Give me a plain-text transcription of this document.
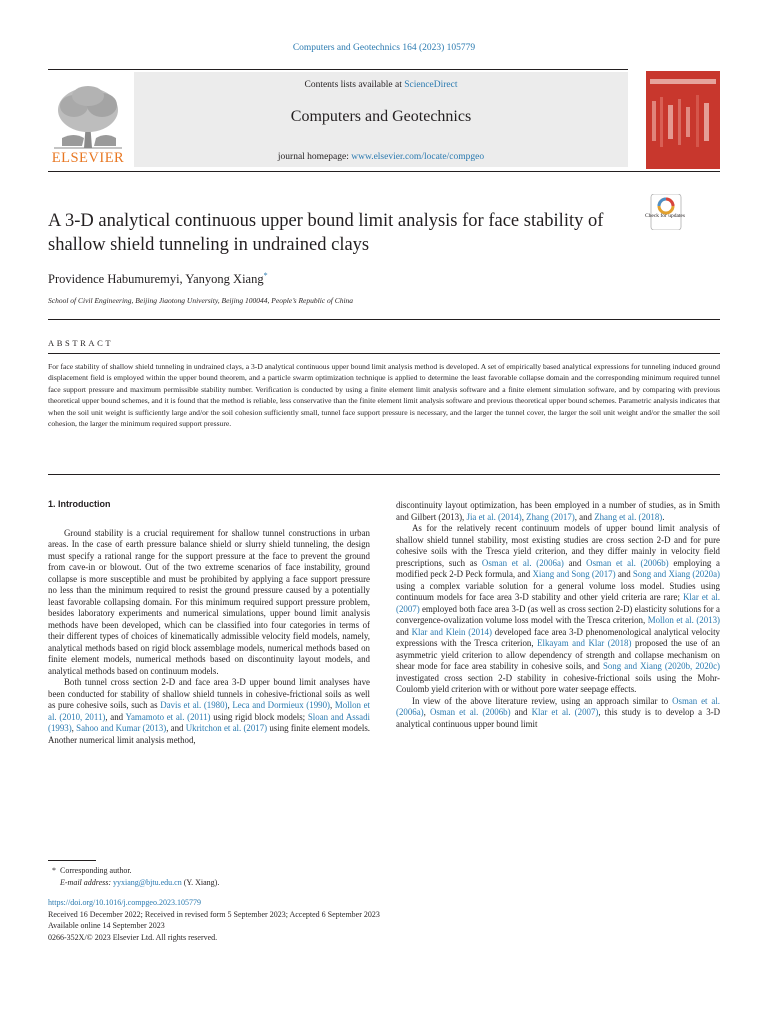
Computers and Geotechnics 164 (2023) 105779
ELSEVIER
Contents lists available at ScienceDirect
Computers and Geotechnics
journal homepage: www.elsevier.com/locate/compgeo
A 3-D analytical continuous upper bound limit analysis for face stability of shallow shield tunneling in undrained clays
Check for updates
Providence Habumuremyi, Yanyong Xiang*
School of Civil Engineering, Beijing Jiaotong University, Beijing 100044, People’s Republic of China
ABSTRACT
For face stability of shallow shield tunneling in undrained clays, a 3-D analytical continuous upper bound limit analysis method is developed. A set of empirically based analytical expressions for tunneling induced ground displacement field is employed within the upper bound theorem, and a particle swarm optimization technique is applied to determine the least favorable collapse domain and the corresponding minimum required tunnel face support pressure and maximum permissible stability number. Verification is conducted by using a finite element limit analysis software and a finite element simulation software, and by comparing with previous theoretical upper bound schemes, and it is found that the method is reliable, less conservative than the finite element limit analysis software and previous theoretical upper bound schemes. Parametric analysis indicates that when the soil unit weight is sufficiently large and/or the soil cohesion sufficiently small, tunnel face support pressure is necessary, and the larger the tunnel cover, the larger the soil unit weight and/or the smaller the soil cohesion, the larger the minimum required support pressure.
1. Introduction

Ground stability is a crucial requirement for shallow tunnel constructions in urban areas. In the case of earth pressure balance shield or slurry shield tunneling, the design must specify a rational range for the support pressure at the face to prevent the ground from cave-in or blowout. Out of the two extreme scenarios of face instability, ground collapse is more susceptible and must be prohibited by applying a face support pressure no less than the minimum required to resist the ground pressure caused by a potentially least favorable collapsing domain. For this minimum required support pressure problem, besides laboratory experiments and numerical simulations, upper bound limit analysis methods have been developed, which can be classified into four categories in terms of their different types of choices of kinematically admissible velocity field models, namely, analytical methods based on rigid block assemblage models, numerical methods based on finite element models, numerical methods based on discontinuity layout models, and analytical methods based on continuum models.

Both tunnel cross section 2-D and face area 3-D upper bound limit analyses have been conducted for stability of shallow shield tunnels in cohesive-frictional soils as well as pure cohesive soils, such as Davis et al. (1980), Leca and Dormieux (1990), Mollon et al. (2010, 2011), and Yamamoto et al. (2011) using rigid block models; Sloan and Assadi (1993), Sahoo and Kumar (2013), and Ukritchon et al. (2017) using finite element models. Another numerical limit analysis method,

discontinuity layout optimization, has been employed in a number of studies, as in Smith and Gilbert (2013), Jia et al. (2014), Zhang (2017), and Zhang et al. (2018).

As for the relatively recent continuum models of upper bound limit analysis of shallow shield tunnel stability, most existing studies are cross section 2-D and for pure cohesive soils with the Tresca yield criterion, and they differ mainly in velocity field prescriptions, such as Osman et al. (2006a) and Osman et al. (2006b) employing a modified peck 2-D Peck formula, and Xiang and Song (2017) and Song and Xiang (2020a) using a complex variable solution for a general volume loss model. Studies using continuum models for face area 3-D stability and other yield criteria are rare; Klar et al. (2007) employed both face area 3-D (as well as cross section 2-D) elasticity solutions for a convergence-ovalization volume loss model with the Tresca criterion, Mollon et al. (2013) and Klar and Klein (2014) developed face area 3-D phenomenological analytical velocity expressions with the Tresca criterion, Elkayam and Klar (2018) proposed the use of an asymmetric yield criterion to allow dependency of strength and collapse mechanism on shear mode for face area stability in cohesive soils, and Song and Xiang (2020b, 2020c) investigated cross section 2-D stability in cohesive-frictional soils using the Mohr-Coulomb yield criterion with or without pore water seepage effects.

In view of the above literature review, using an approach similar to Osman et al. (2006a), Osman et al. (2006b) and Klar et al. (2007), this study is to develop a 3-D analytical continuous upper bound limit

* Corresponding author.
E-mail address: yyxiang@bjtu.edu.cn (Y. Xiang).
https://doi.org/10.1016/j.compgeo.2023.105779
Received 16 December 2022; Received in revised form 5 September 2023; Accepted 6 September 2023
Available online 14 September 2023
0266-352X/© 2023 Elsevier Ltd. All rights reserved.
